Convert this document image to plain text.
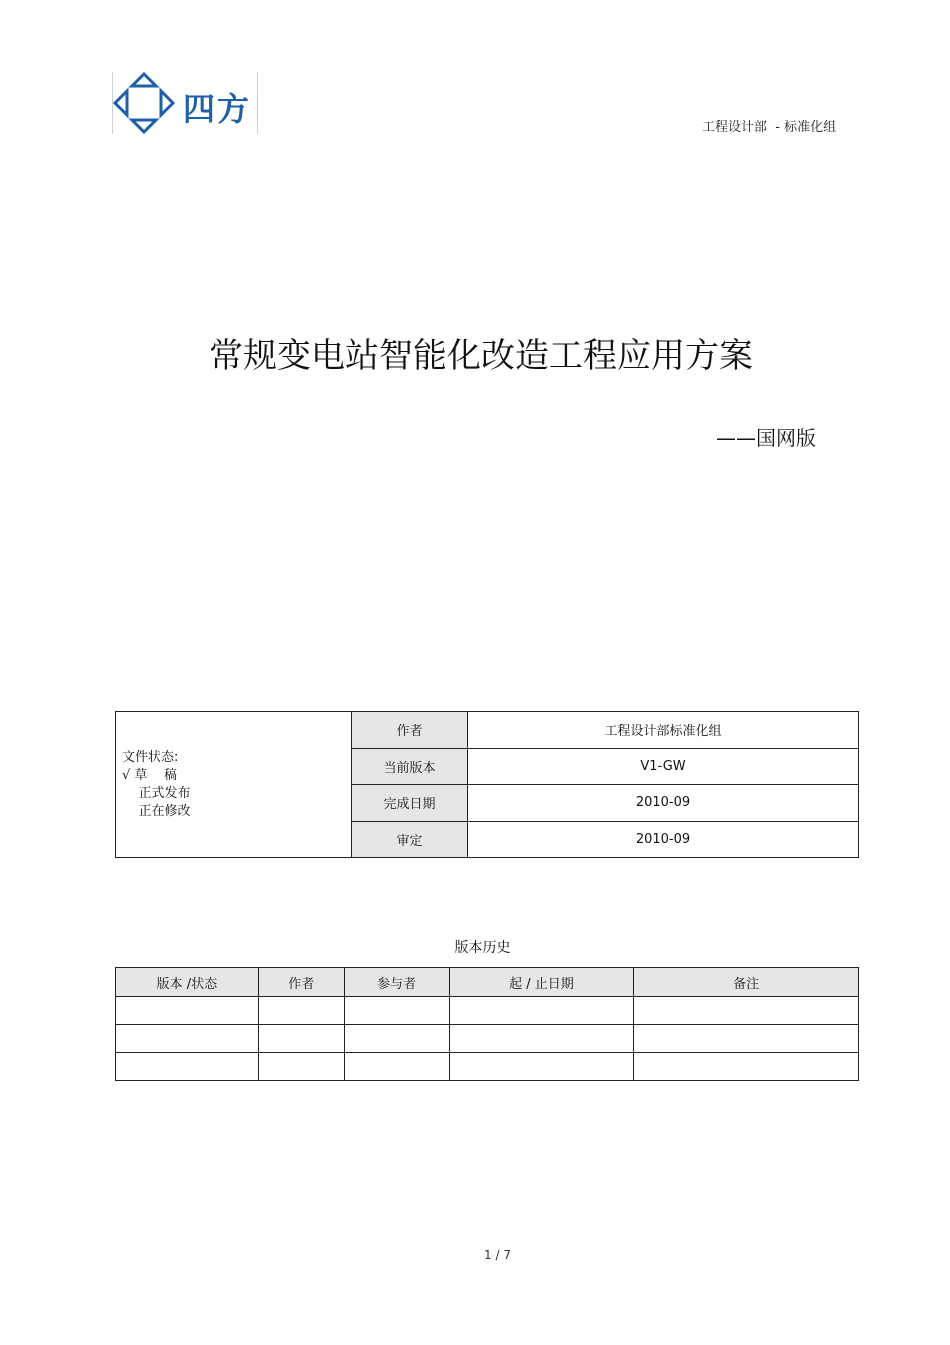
四方	工程设计部  - 标准化组
常规变电站智能化改造工程应用方案
——国网版
文件状态:
√ 草    稿
正式发布
正在修改	作者	工程设计部标准化组
	当前版本	V1-GW
	完成日期	2010-09
	审定	2010-09
版本历史
版本 /状态	作者	参与者	起 / 止日期	备注

1 / 7
